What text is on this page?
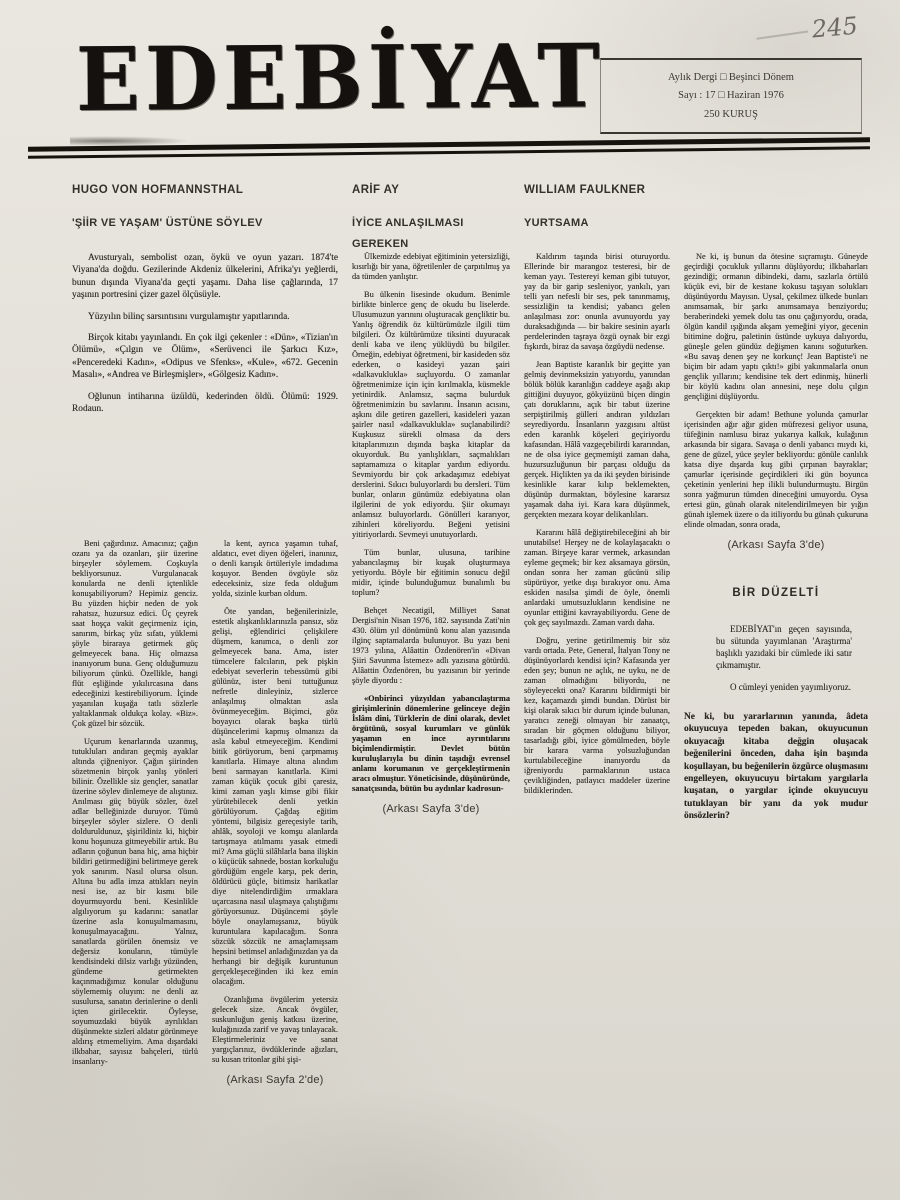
245
EDEBİYAT	Aylık Dergi □ Beşinci Dönem
Sayı : 17 □ Haziran 1976
250 KURUŞ
HUGO VON HOFMANNSTHAL
'ŞİİR VE YAŞAM' ÜSTÜNE SÖYLEV
ARİF AY
İYİCE ANLAŞILMASI GEREKEN
WILLIAM FAULKNER
YURTSAMA

Avusturyalı, sembolist ozan, öykü ve oyun yazarı. 1874'te Viyana'da doğdu. Gezilerinde Akdeniz ülkelerini, Afrika'yı yeğlerdi, bunun dışında Viyana'da geçti yaşamı. Daha lise çağlarında, 17 yaşının portresini çizer gazel ölçüsüyle.

Yüzyılın bilinç sarsıntısını vurgulamıştır yapıtlarında.

Birçok kitabı yayınlandı. En çok ilgi çekenler : «Dün», «Tizian'ın Ölümü», «Çılgın ve Ölüm», «Serüvenci ile Şarkıcı Kız», «Penceredeki Kadın», «Odipus ve Sfenks», «Kule», «672. Gecenin Masalı», «Andrea ve Birleşmişler», «Gölgesiz Kadın».

Oğlunun intiharına üzüldü, kederinden öldü. Ölümü: 1929. Rodaun.

Beni çağırdınız. Amacınız; çağın ozanı ya da ozanları, şiir üzerine birşeyler söylemem. Coşkuyla bekliyorsunuz. Vurgulanacak konularda ne denli içtenlikle konuşabiliyorum? Hepimiz genciz. Bu yüzden hiçbir neden de yok rahatsız, huzursuz edici. Üç çeyrek saat hoşça vakit geçirmeniz için, sanırım, birkaç yüz sıfatı, yüklemi şöyle biraraya getirmek güç gelmeyecek bana. Hiç olmazsa inanıyorum buna. Genç olduğumuzu biliyorum çünkü. Özellikle, hangi flüt eşliğinde yıkılırcasına dans edeceğinizi kestirebiliyorum. İçinde yaşanılan kuşağa tatlı sözlerle yaltaklanmak oldukça kolay. «Biz». Çok güzel bir sözcük.

Uçurum kenarlarında uzanmış, tutukluları andıran geçmiş ayaklar altında çiğneniyor. Çağın şiirinden sözetmenin birçok yanlış yönleri bilinir. Özellikle siz gençler, sanatlar üzerine söylev dinlemeye de alıştınız. Anılması güç büyük sözler, özel adlar belleğinizde duruyor. Tümü birşeyler söyler sizlere. O denli dolduruldunuz, şişirildiniz ki, hiçbir konu hoşunuza gitmeyebilir artık. Bu adların çoğunun bana hiç, ama hiçbir bildiri getirmediğini belirtmeye gerek yok sanırım. Nasıl olursa olsun. Altına bu adla imza attıkları neyin nesi ise, az bir kısmı bile doyurmuyordu beni. Kesinlikle algılıyorum şu kadarını: sanatlar üzerine asla konuşulmamasını, konuşulmayacağını. Yalnız, sanatlarda görülen önemsiz ve değersiz konuların, tümüyle kendisindeki dilsiz varlığı yüzünden, gündeme getirmekten kaçınmadığımız konular olduğunu söylememiş oluyım: ne denli az susulursa, sanatın derinlerine o denli içten girilecektir. Öyleyse, soyumuzdaki büyük ayrılıkları düşünmekte sizleri aldatır görünmeye aldırış etmemeliyim. Ama dışardaki ilkbahar, sayısız bahçeleri, türlü insanlarıy-

la kent, ayrıca yaşamın tuhaf, aldatıcı, evet diyen öğeleri, inanınız, o denli karışık örtüleriyle imdadıma koşuyor. Benden övgüyle söz edeceksiniz, size feda olduğum yolda, sizinle kurban oldum.

Öte yandan, beğenilerinizle, estetik alışkanlıklarınızla pansız, söz gelişi, eğlendirici çelişkilere düşmem, kanımca, o denli zor gelmeyecek bana. Ama, ister tümcelere falcıların, pek pişkin edebiyat severlerin tebessümü gibi gülünüz, ister beni tuttuğunuz nefretle dinleyiniz, sizlerce anlaşılmış olmaktan asla övünmeyeceğim. Biçimci, göz boyayıcı olarak başka türlü düşüncelerimi kapmış olmanızı da asla kabul etmeyeceğim. Kendimi bitik görüyorum, beni çarpmamış kanıtlarla. Himaye altına alındım beni sarmayan kanıtlarla. Kimi zaman küçük çocuk gibi çaresiz, kimi zaman yaşlı kimse gibi fikir yürütebilecek denli yetkin görülüyorum. Çağdaş eğitim yöntemi, bilgisiz gereçesiyle tarih, ahlâk, soyoloji ve komşu alanlarda tartışmaya atılmamı yasak etmedi mi? Ama güçlü silâhlarla bana ilişkin o küçücük sahnede, bostan korkuluğu gördüğüm engele karşı, pek derin, öldürücü güçle, bitimsiz harikatlar diye nitelendirdiğim ırmaklara uçarcasına nasıl ulaşmaya çalıştığımı görüyorsunuz. Düşüncemi şöyle böyle onaylamışsanız, büyük kuruntulara kapılacağım. Sonra sözcük sözcük ne amaçlamışsam hepsini betimsel anladığınızdan ya da herhangi bir değişik kuruntunun gerçekleşeceğinden iki kez emin olacağım.

Ozanlığıma övgülerim yetersiz gelecek size. Ancak övgüler, suskunluğun geniş katkısı üzerine, kulağınızda zarif ve yavaş tınlayacak. Eleştirmeleriniz ve sanat yargıçlarınız, övdüklerinde ağızları, su kusan tritonlar gibi şişi-

(Arkası Sayfa 2'de)

Ülkemizde edebiyat eğitiminin yetersizliği, kısırlığı bir yana, öğretilenler de çarpıtılmış ya da tümden yanlıştır.

Bu ülkenin lisesinde okudum. Benimle birlikte binlerce genç de okudu bu liselerde. Ulusumuzun yarınını oluşturacak gençliktir bu. Yanlış öğrendik öz kültürümüzle ilgili tüm bilgileri. Öz kültürümüze tiksinti duyuracak denli kaba ve ilenç yüklüydü bu bilgiler. Örneğin, edebiyat öğretmeni, bir kasideden söz ederken, o kasideyi yazan şairi «dalkavuklukla» suçluyordu. O zamanlar öğretmenimize için için kırılmakla, küsmekle yetinirdik. Anlamsız, saçma bulurduk öğretmenimizin bu savlarını. İnsanın acısını, aşkını dile getiren gazelleri, kasideleri yazan şairler nasıl «dalkavuklukla» suçlanabilirdi? Kuşkusuz sürekli olmasa da ders kitaplarımızın dışında başka kitaplar da okuyorduk. Bu yanlışlıkları, saçmalıkları saptamamıza o kitaplar yardım ediyordu. Sevmiyordu bir çok arkadaşımız edebiyat derslerini. Sıkıcı buluyorlardı bu dersleri. Tüm bunlar, onların günümüz edebiyatına olan ilgilerini de yok ediyordu. Şiir okumayı anlamsız buluyorlardı. Gönülleri kararıyor, zihinleri köreliyordu. Beğeni yetisini yitiriyorlardı. Sevmeyi unutuyorlardı.

Tüm bunlar, ulusuna, tarihine yabancılaşmış bir kuşak oluşturmaya yetiyordu. Böyle bir eğitimin sonucu değil midir, içinde bulunduğumuz bunalımlı bu toplum?

Behçet Necatigil, Milliyet Sanat Dergisi'nin Nisan 1976, 182. sayısında Zati'nin 430. ölüm yıl dönümünü konu alan yazısında ilginç saptamalarda bulunuyor. Bu yazı beni 1973 yılına, Alâattin Özdenören'in «Divan Şiiri Savunma İstemez» adlı yazısına götürdü. Alâattin Özdenören, bu yazısının bir yerinde şöyle diyordu :

«Onbirinci yüzyıldan yabancılaştırma girişimlerinin dönemlerine gelinceye değin İslâm dini, Türklerin de dini olarak, devlet örgütünü, sosyal kurumları ve günlük yaşamın en ince ayrıntılarını biçimlendirmiştir. Devlet bütün kuruluşlarıyla bu dinin taşıdığı evrensel anlamı korumanın ve gerçekleştirmenin aracı olmuştur. Yöneticisinde, düşünüründe, sanatçısında, bütün bu aydınlar kadrosun-

(Arkası Sayfa 3'de)

Kaldırım taşında birisi oturuyordu. Ellerinde bir marangoz testeresi, bir de keman yayı. Testereyi keman gibi tutuyor, yay da bir garip sesleniyor, yankılı, yarı telli yarı nefesli bir ses, pek tanınmamış, sessizliğin ta kendisi; yabancı gelen anlaşılması zor: onunla avunuyordu yay duraksadığında — bir bakire sesinin ayarlı perdelerinden taşraya özgü oynak bir ezgi fışkırdı, biraz da savaşa özgüydü nedense.

Jean Baptiste karanlık bir geçitte yan gelmiş devinmeksizin yatıyordu, yanından bölük bölük karanlığın caddeye aşağı akıp gittiğini duyuyor, gökyüzünü biçen dingin çatı doruklarını, açık bir tabut üzerine serpiştirilmiş gülleri andıran yıldızları seyrediyordu. İnsanların yazgısını altüst eden karanlık köşeleri geçiriyordu kafasından. Hâlâ vazgeçebilirdi kararından, ne de olsa iyice geçmemişti zaman daha, huzursuzluğunun bir parçası olduğu da gerçek. Hiçlikten ya da iki şeyden birisinde kesinlikle karar kılıp beklemekten, düşünüp durmaktan, böylesine kararsız yaşamak daha iyi. Kara kara düşünmek, gerçekten mezara koyar delikanlıları.

Kararını hâlâ değiştirebileceğini ah bir unutabilse! Herşey ne de kolaylaşacaktı o zaman. Birşeye karar vermek, arkasından eyleme geçmek; bir kez aksamaya görsün, ondan sonra her zaman gücünü silip süpürüyor, yetke dışı bırakıyor onu. Ama eskiden nasılsa şimdi de öyle, önemli anlardaki umutsuzlukların kendisine ne oyunlar ettiğini kavrayabiliyordu. Gene de çok geç sayılmazdı. Zaman vardı daha.

Doğru, yerine getirilmemiş bir söz vardı ortada. Pete, General, İtalyan Tony ne düşünüyorlardı kendisi için? Kafasında yer eden şey; bunun ne açlık, ne uyku, ne de zaman olmadığını biliyordu, ne söyleyecekti ona? Kararını bildirmişti bir kez, kaçamazdı şimdi bundan. Dürüst bir kişi olarak sıkıcı bir durum içinde bulunan, yaratıcı zeneği olmayan bir zanaatçı, sıradan bir göçmen olduğunu biliyor, tasarladığı gibi, iyice gömülmeden, böyle bir karara varma yolsuzluğundan kurtulabileceğine inanıyordu da iğreniyordu parmaklarının ustaca çevikliğinden, patlayıcı maddeler üzerine bildiklerinden.

Ne ki, iş bunun da ötesine sıçramıştı. Güneyde geçirdiği çocukluk yıllarını düşlüyordu; ilkbaharları gezindiği; ormanın dibindeki, damı, sazlarla örtülü küçük evi, bir de kestane kokusu taşıyan solukları düşünüyordu Mayısın. Uysal, çekilmez ülkede bunları anımsamak, bir şarkı anımsamaya benziyordu; beraberindeki yemek dolu tas onu çağırıyordu, orada, ölgün kandil ışığında akşam yemeğini yiyor, gecenin bitimine doğru, paletinin üstünde uykuya dalıyordu, güneşle gelen gündüz değişmen kanını soğuturken. «Bu savaş denen şey ne korkunç! Jean Baptiste'i ne biçim bir adam yaptı çıktı!» gibi yakınmalarla onun gençlik yıllarını; kendisine tek dert edinmiş, hünerli bir köylü kadını olan annesini, neşe dolu çılgın gençliğini düşlüyordu.

Gerçekten bir adam! Bethune yolunda çamurlar içerisinden ağır ağır giden müfrezesi geliyor usuna, tüfeğinin namlusu biraz yukarıya kalkık, kulağının arkasında bir sigara. Savaşa o denli yabancı mıydı ki, gene de güzel, yüce şeyler bekliyordu: gönüle canlılık katsa diye dışarda kuş gibi çırpınan bayraklar; çamurlar içerisinde geçirdikleri iki gün boyunca çeketinin yenlerini hep ilikli bulundurmuştu. Birgün sonra yağmurun tümden dineceğini umuyordu. Oysa ertesi gün, günah olarak nitelendirilmeyen bir yığın günah işlemek üzere o da itiliyordu bu günah çukuruna elinde olmadan, sonra orada,

(Arkası Sayfa 3'de)
BİR DÜZELTİ

EDEBİYAT'ın geçen sayısında, bu sütunda yayımlanan 'Araştırma' başlıklı yazıdaki bir cümlede iki satır çıkmamıştır.

O cümleyi yeniden yayımlıyoruz.

Ne ki, bu yararlarının yanında, âdeta okuyucuya tepeden bakan, okuyucunun okuyacağı kitaba değgin oluşacak beğenilerini önceden, daha işin başında koşullayan, bu beğenilerin özgürce oluşmasını engelleyen, okuyucuyu birtakım yargılarla kuşatan, o yargılar içinde okuyucuyu tutuklayan bir yanı da yok mudur önsözlerin?
